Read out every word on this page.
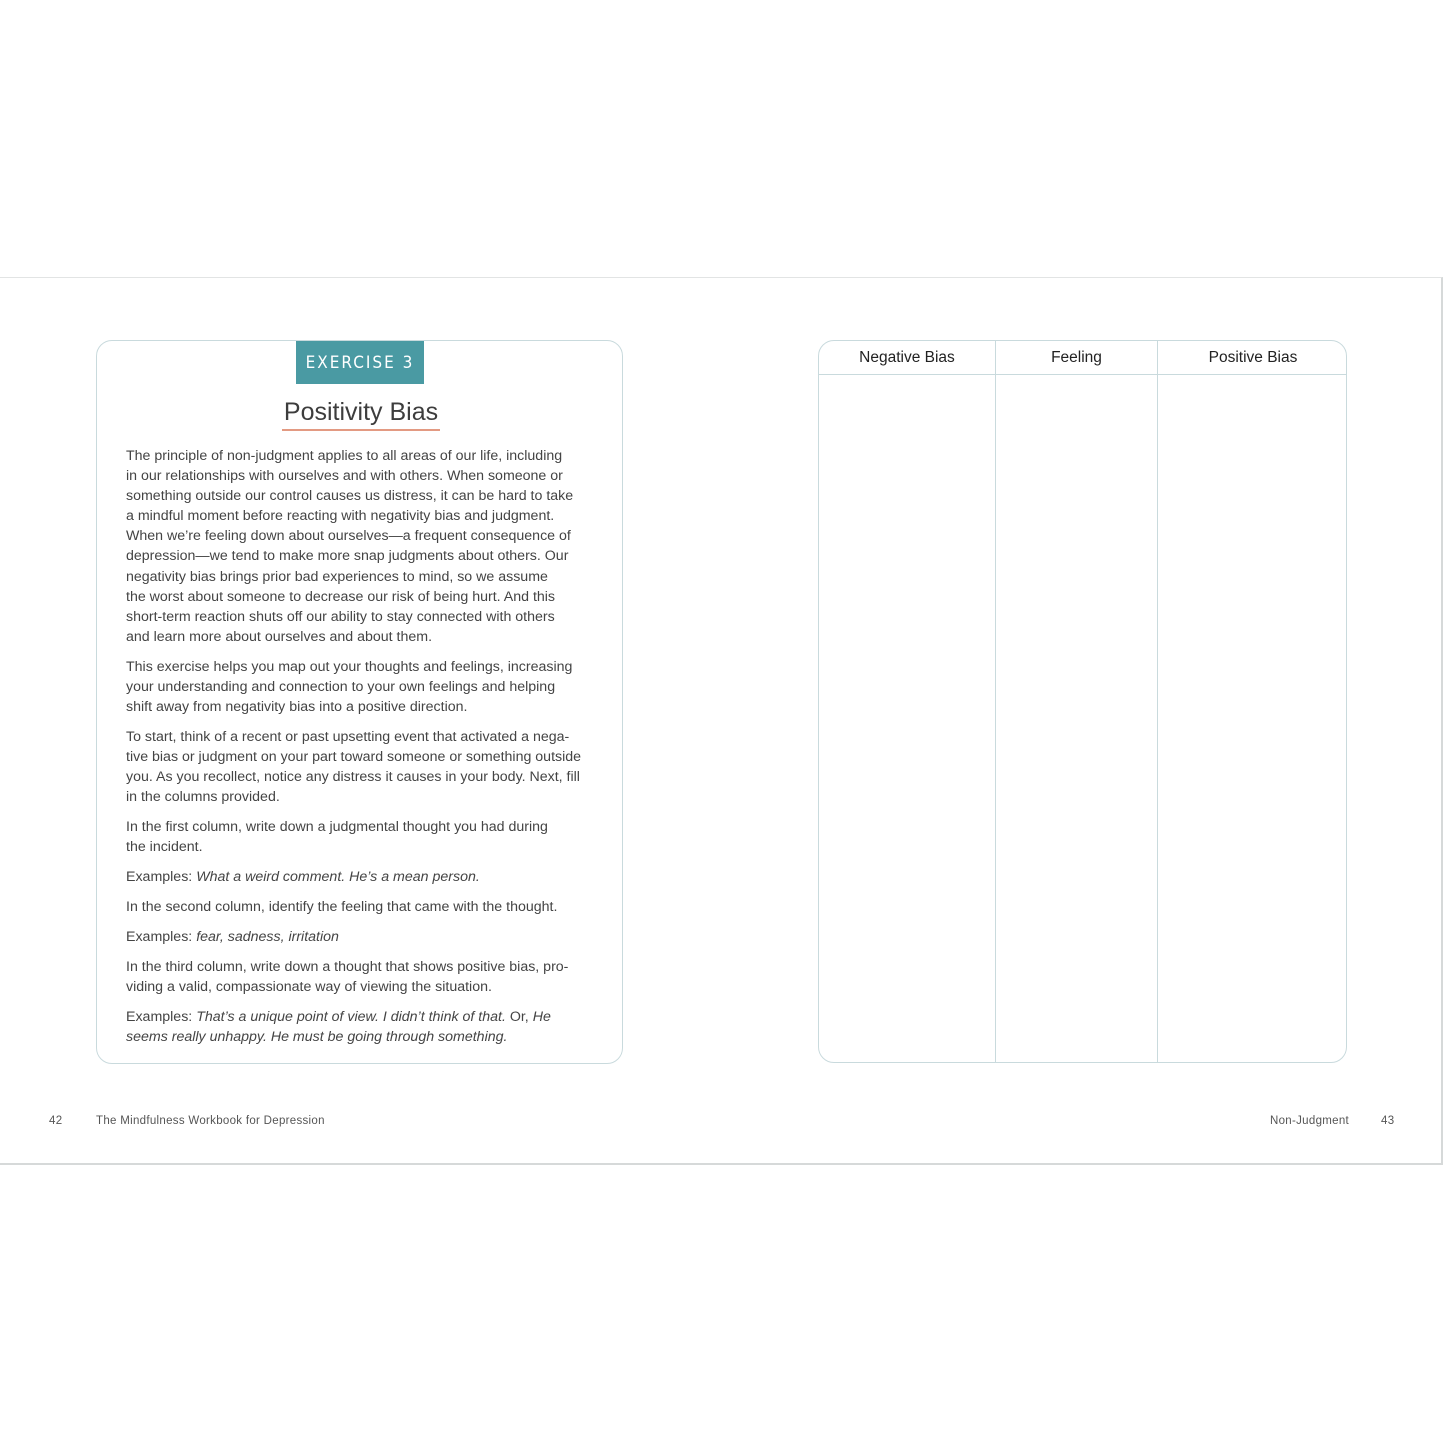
EXERCISE 3
Positivity Bias

The principle of non-judgment applies to all areas of our life, including
in our relationships with ourselves and with others. When someone or
something outside our control causes us distress, it can be hard to take
a mindful moment before reacting with negativity bias and judgment.
When we’re feeling down about ourselves—a frequent consequence of
depression—we tend to make more snap judgments about others. Our
negativity bias brings prior bad experiences to mind, so we assume
the worst about someone to decrease our risk of being hurt. And this
short-term reaction shuts off our ability to stay connected with others
and learn more about ourselves and about them.

This exercise helps you map out your thoughts and feelings, increasing
your understanding and connection to your own feelings and helping
shift away from negativity bias into a positive direction.

To start, think of a recent or past upsetting event that activated a nega-
tive bias or judgment on your part toward someone or something outside
you. As you recollect, notice any distress it causes in your body. Next, fill
in the columns provided.

In the first column, write down a judgmental thought you had during
the incident.

Examples: What a weird comment. He’s a mean person.

In the second column, identify the feeling that came with the thought.

Examples: fear, sadness, irritation

In the third column, write down a thought that shows positive bias, pro-
viding a valid, compassionate way of viewing the situation.

Examples: That’s a unique point of view. I didn’t think of that. Or, He
seems really unhappy. He must be going through something.

42	The Mindfulness Workbook for Depression
Negative Bias	Feeling	Positive Bias
Non-Judgment	43
